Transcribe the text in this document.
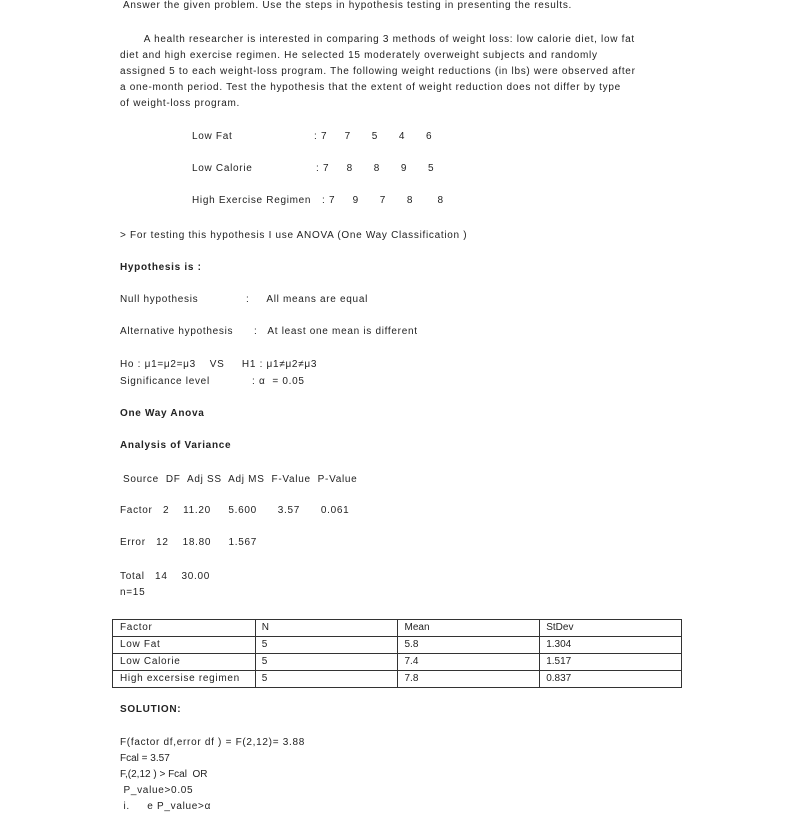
Answer the given problem. Use the steps in hypothesis testing in presenting the results.
A health researcher is interested in comparing 3 methods of weight loss: low calorie diet, low fat
diet and high exercise regimen. He selected 15 moderately overweight subjects and randomly
assigned 5 to each weight-loss program. The following weight reductions (in lbs) were observed after
a one-month period. Test the hypothesis that the extent of weight reduction does not differ by type
of weight-loss program.
Low Fat	: 7     7      5      4      6
Low Calorie	: 7     8      8      9      5
High Exercise Regimen : 7     9      7      8       8
> For testing this hypothesis I use ANOVA (One Way Classification )
Hypothesis is :
Null hypothesis	:     All means are equal
Alternative hypothesis :   At least one mean is different
Ho : μ1=μ2=μ3    VS     H1 : μ1≠μ2≠μ3
Significance level	: α  = 0.05
One Way Anova
Analysis of Variance
Source  DF  Adj SS  Adj MS  F-Value  P-Value
Factor   2    11.20     5.600      3.57      0.061
Error   12    18.80     1.567
Total   14    30.00
n=15
Factor	N	Mean	StDev
Low Fat	5	5.8	1.304
Low Calorie	5	7.4	1.517
High excersise regimen	5	7.8	0.837
SOLUTION:
F(factor df,error df ) = F(2,12)= 3.88
Fcal = 3.57
F,(2,12 ) > Fcal  OR
P_value>0.05
i.     e P_value>α
